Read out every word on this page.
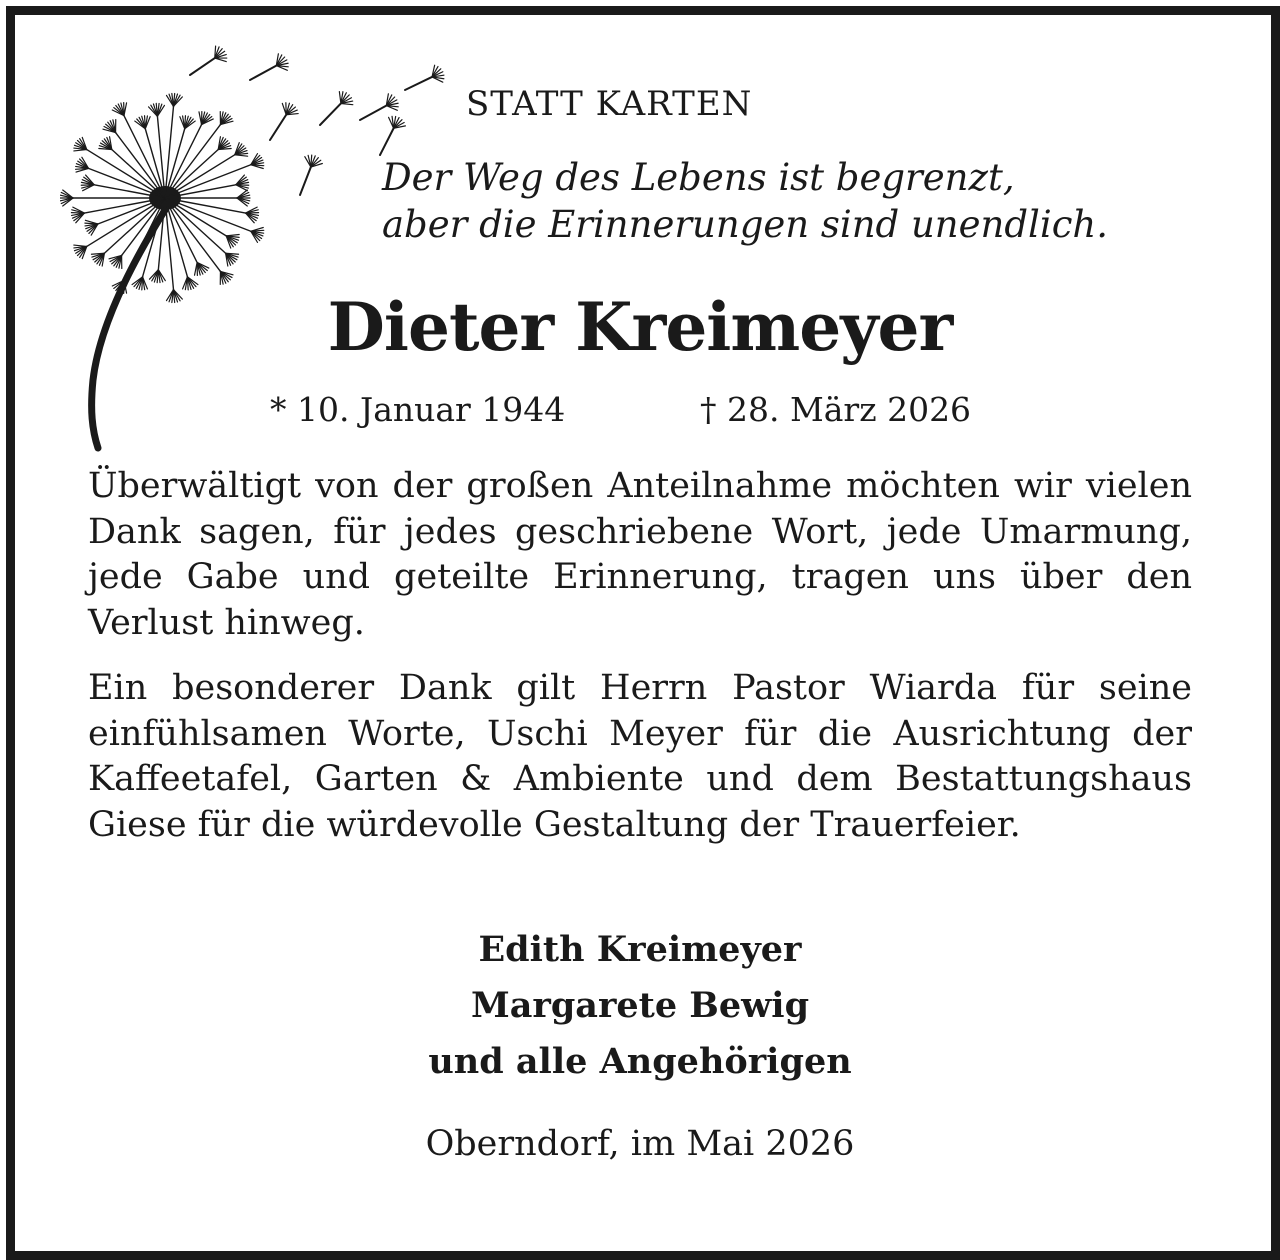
STATT KARTEN
Der Weg des Lebens ist begrenzt,
aber die Erinnerungen sind unendlich.
Dieter Kreimeyer
* 10. Januar 1944	† 28. März 2026
Überwältigt von der großen Anteilnahme möchten wir vielen Dank sagen, für jedes geschriebene Wort, jede Umarmung, jede Gabe und geteilte Erinnerung, tragen uns über den Verlust hinweg.
Ein besonderer Dank gilt Herrn Pastor Wiarda für seine einfühlsamen Worte, Uschi Meyer für die Ausrichtung der Kaffeetafel, Garten & Ambiente und dem Bestattungshaus Giese für die würdevolle Gestaltung der Trauerfeier.
Edith Kreimeyer
Margarete Bewig
und alle Angehörigen
Oberndorf, im Mai 2026
